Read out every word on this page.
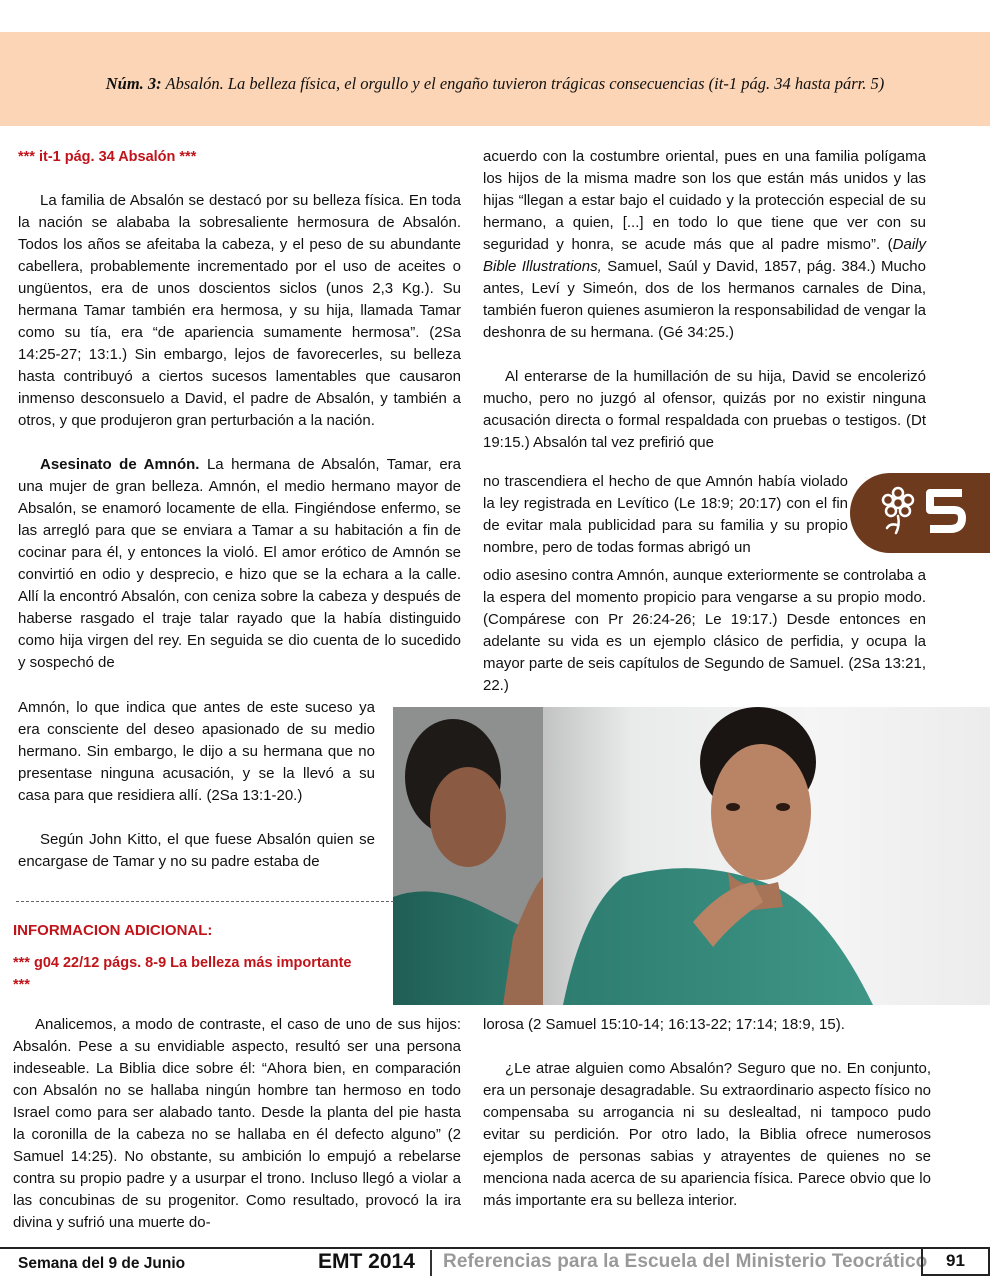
Núm. 3: Absalón. La belleza física, el orgullo y el engaño tuvieron trágicas consecuencias (it-1 pág. 34 hasta párr. 5)
*** it-1 pág. 34 Absalón ***

La familia de Absalón se destacó por su belleza física. En toda la nación se alababa la sobresaliente hermosura de Absalón. Todos los años se afeitaba la cabeza, y el peso de su abundante cabellera, probablemente incrementado por el uso de aceites o ungüentos, era de unos doscientos siclos (unos 2,3 Kg.). Su hermana Tamar también era hermosa, y su hija, llamada Tamar como su tía, era “de apariencia sumamente hermosa”. (2Sa 14:25-27; 13:1.) Sin embargo, lejos de favorecerles, su belleza hasta contribuyó a ciertos sucesos lamentables que causaron inmenso desconsuelo a David, el padre de Absalón, y también a otros, y que produjeron gran perturbación a la nación.

Asesinato de Amnón. La hermana de Absalón, Tamar, era una mujer de gran belleza. Amnón, el medio hermano mayor de Absalón, se enamoró locamente de ella. Fingiéndose enfermo, se las arregló para que se enviara a Tamar a su habitación a fin de cocinar para él, y entonces la violó. El amor erótico de Amnón se convirtió en odio y desprecio, e hizo que se la echara a la calle. Allí la encontró Absalón, con ceniza sobre la cabeza y después de haberse rasgado el traje talar rayado que la había distinguido como hija virgen del rey. En seguida se dio cuenta de lo sucedido y sospechó de

Amnón, lo que indica que antes de este suceso ya era consciente del deseo apasionado de su medio hermano. Sin embargo, le dijo a su hermana que no presentase ninguna acusación, y se la llevó a su casa para que residiera allí. (2Sa 13:1-20.)

Según John Kitto, el que fuese Absalón quien se encargase de Tamar y no su padre estaba de

acuerdo con la costumbre oriental, pues en una familia polígama los hijos de la misma madre son los que están más unidos y las hijas “llegan a estar bajo el cuidado y la protección especial de su hermano, a quien, [...] en todo lo que tiene que ver con su seguridad y honra, se acude más que al padre mismo”. (Daily Bible Illustrations, Samuel, Saúl y David, 1857, pág. 384.) Mucho antes, Leví y Simeón, dos de los hermanos carnales de Dina, también fueron quienes asumieron la responsabilidad de vengar la deshonra de su hermana. (Gé 34:25.)

Al enterarse de la humillación de su hija, David se encolerizó mucho, pero no juzgó al ofensor, quizás por no existir ninguna acusación directa o formal respaldada con pruebas o testigos. (Dt 19:15.) Absalón tal vez prefirió que

no trascendiera el hecho de que Amnón había violado la ley registrada en Levítico (Le 18:9; 20:17) con el fin de evitar mala publicidad para su familia y su propio nombre, pero de todas formas abrigó un
odio asesino contra Amnón, aunque exteriormente se controlaba a la espera del momento propicio para vengarse a su propio modo. (Compárese con Pr 26:24-26; Le 19:17.) Desde entonces en adelante su vida es un ejemplo clásico de perfidia, y ocupa la mayor parte de seis capítulos de Segundo de Samuel. (2Sa 13:21, 22.)
INFORMACION ADICIONAL:
*** g04 22/12 págs. 8-9 La belleza más importante ***

Analicemos, a modo de contraste, el caso de uno de sus hijos: Absalón. Pese a su envidiable aspecto, resultó ser una persona indeseable. La Biblia dice sobre él: “Ahora bien, en comparación con Absalón no se hallaba ningún hombre tan hermoso en todo Israel como para ser alabado tanto. Desde la planta del pie hasta la coronilla de la cabeza no se hallaba en él defecto alguno” (2 Samuel 14:25). No obstante, su ambición lo empujó a rebelarse contra su propio padre y a usurpar el trono. Incluso llegó a violar a las concubinas de su progenitor. Como resultado, provocó la ira divina y sufrió una muerte do-

lorosa (2 Samuel 15:10-14; 16:13-22; 17:14; 18:9, 15).

¿Le atrae alguien como Absalón? Seguro que no. En conjunto, era un personaje desagradable. Su extraordinario aspecto físico no compensaba su arrogancia ni su deslealtad, ni tampoco pudo evitar su perdición. Por otro lado, la Biblia ofrece numerosos ejemplos de personas sabias y atrayentes de quienes no se menciona nada acerca de su apariencia física. Parece obvio que lo más importante era su belleza interior.

Semana del 9 de Junio	EMT 2014 Referencias para la Escuela del Ministerio Teocrático	91
